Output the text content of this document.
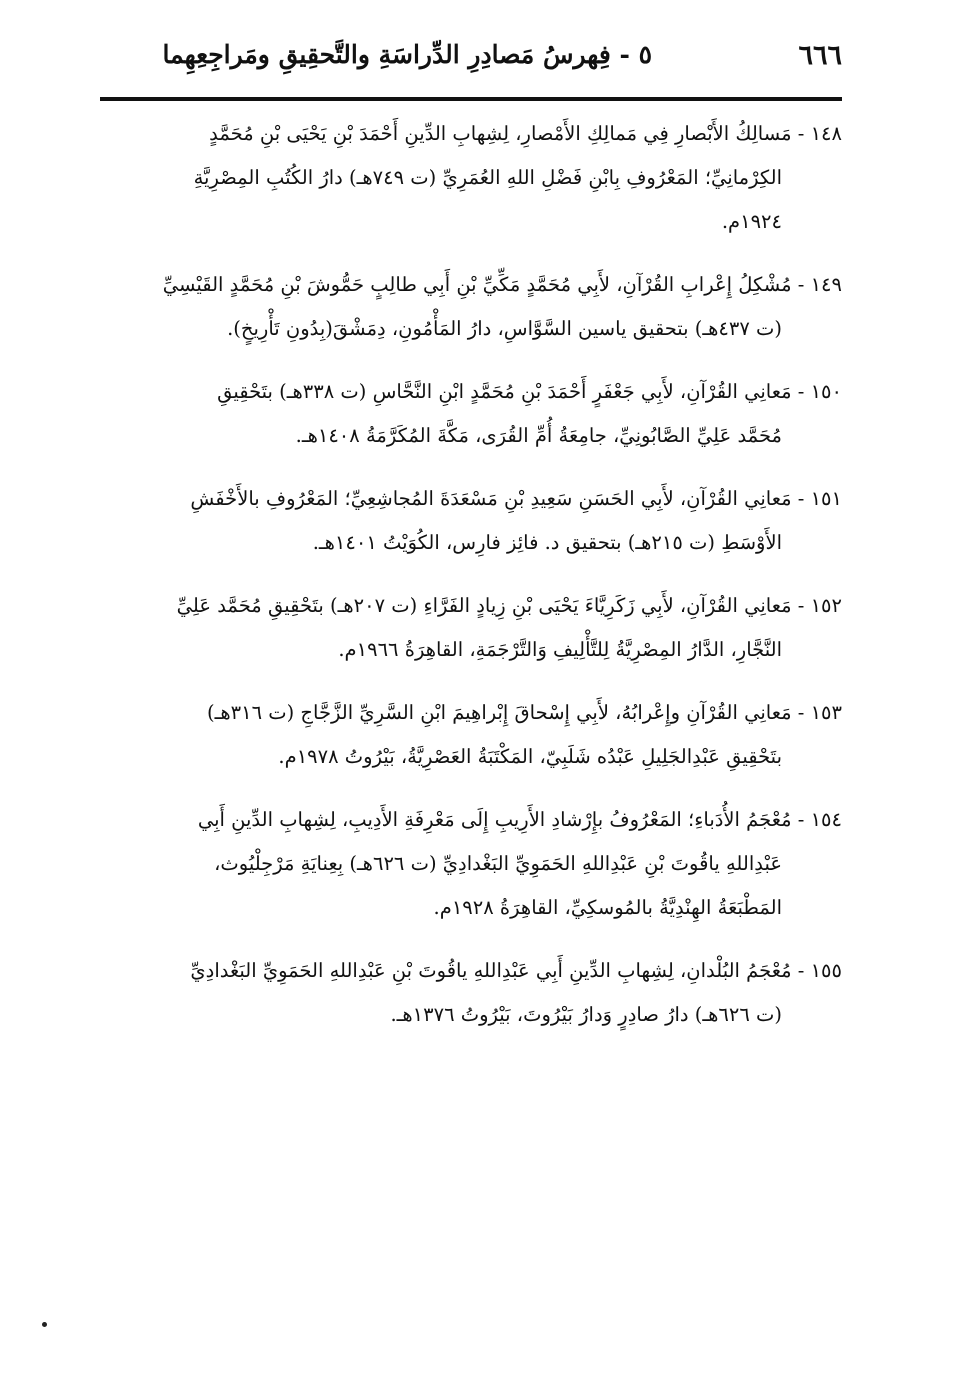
٦٦٦
٥ - فِهرسُ مَصادِرِ الدِّراسَةِ والتَّحقِيقِ ومَراجِعِهِما
١٤٨ - مَسالِكُ الأَبْصارِ فِي مَمالِكِ الأَمْصارِ، لِشِهابِ الدِّينِ أَحْمَدَ بْنِ يَحْيَى بْنِ مُحَمَّدٍ
الكِرْمانِيِّ؛ المَعْرُوفِ بِابْنِ فَضْلِ اللهِ العُمَرِيِّ (ت ٧٤٩هـ) دارُ الكُتُبِ المِصْرِيَّةِ
١٩٢٤م.
١٤٩ - مُشْكِلُ إِعْرابِ القُرْآنِ، لأَبِي مُحَمَّدٍ مَكِّيِّ بْنِ أَبِي طالِبٍ حَمُّوشَ بْنِ مُحَمَّدٍ القَيْسِيِّ
(ت ٤٣٧هـ) بتحقيق ياسين السَّوَّاسِ، دارُ المَأْمُونِ، دِمَشْقَ(بِدُونِ تَأْرِيخٍ).
١٥٠ - مَعانِي القُرْآنِ، لأَبِي جَعْفَرٍ أَحْمَدَ بْنِ مُحَمَّدٍ ابْنِ النَّحَّاسِ (ت ٣٣٨هـ) بتَحْقِيقِ
مُحَمَّد عَلِيِّ الصَّابُونِيِّ، جامِعَةُ أُمِّ القُرَى، مَكَّةَ المُكَرَّمَةُ ١٤٠٨هـ.
١٥١ - مَعانِي القُرْآنِ، لأَبِي الحَسَنِ سَعِيدِ بْنِ مَسْعَدَةَ المُجاشِعِيِّ؛ المَعْرُوفِ بالأَخْفَشِ
الأَوْسَطِ (ت ٢١٥هـ) بتحقيق د. فائِز فارِس، الكُوَيْتُ ١٤٠١هـ.
١٥٢ - مَعانِي القُرْآنِ، لأَبِي زَكَرِيَّاءَ يَحْيَى بْنِ زِيادٍ الفَرَّاءِ (ت ٢٠٧هـ) بتَحْقِيقِ مُحَمَّد عَلِيِّ
النَّجَّارِ، الدَّارُ المِصْرِيَّةُ لِلتَّأْلِيفِ وَالتَّرْجَمَةِ، القاهِرَةُ ١٩٦٦م.
١٥٣ - مَعانِي القُرْآنِ وإِعْرابُهُ، لأَبِي إِسْحاقَ إِبْراهِيمَ ابْنِ السَّرِيِّ الزَّجَّاجِ (ت ٣١٦هـ)
بتَحْقِيقِ عَبْدِالجَلِيلِ عَبْدُه شَلَبِيّ، المَكْتَبَةُ العَصْرِيَّةُ، بَيْرُوتُ ١٩٧٨م.
١٥٤ - مُعْجَمُ الأُدَباءِ؛ المَعْرُوفُ بإِرْشادِ الأَرِيبِ إِلَى مَعْرِفَةِ الأَدِيبِ، لِشِهابِ الدِّينِ أَبِي
عَبْدِاللهِ ياقُوتَ بْنِ عَبْدِاللهِ الحَمَوِيِّ البَغْدادِيِّ (ت ٦٢٦هـ) بِعِنايَةِ مَرْجِلْيُوث،
المَطْبَعَةُ الهِنْدِيَّةُ بالمُوسكِيِّ، القاهِرَةُ ١٩٢٨م.
١٥٥ - مُعْجَمُ البُلْدانِ، لِشِهابِ الدِّينِ أَبِي عَبْدِاللهِ ياقُوتَ بْنِ عَبْدِاللهِ الحَمَوِيِّ البَغْدادِيِّ
(ت ٦٢٦هـ) دارُ صادِرٍ وَدارُ بَيْرُوتَ، بَيْرُوتُ ١٣٧٦هـ.
